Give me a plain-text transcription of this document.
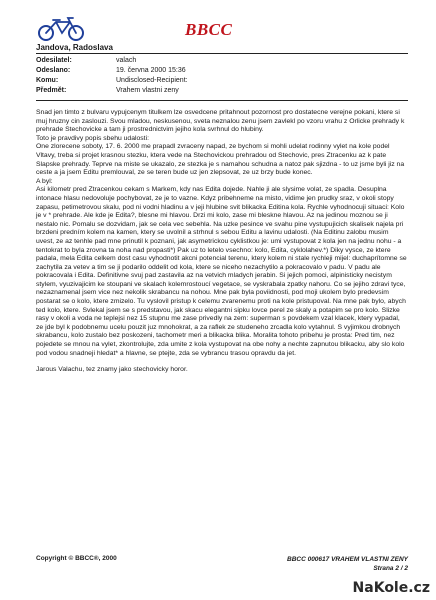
BBCC
Jandova, Radoslava
Odesilatel:	valach
Odeslano:	19. června 2000 15:36
Komu:	Undisclosed-Recipient:
Předmět:	Vrahem vlastni zeny

Snad jen timto z bulvaru vypujcenym titulkem lze osvedcene pritahnout pozornost pro dostatecne verejne pokani, ktere si muj hruzny cin zaslouzi. Svou mladou, neskusenou, sveta neznalou zenu jsem zavlekl po vzoru vrahu z Orlicke prehrady k prehrade Stechovicke a tam ji prostrednictvim jejiho kola svrhnul do hlubiny.

Toto je pravdivy popis sbehu udalosti:

One zlorecene soboty, 17. 6. 2000 me prapadl zvraceny napad, ze bychom si mohli udelat rodinny vylet na kole podel Vltavy, treba si projet krasnou stezku, ktera vede na Stechovickou prehradou od Stechovic, pres Ztracenku az k pate Slapske prehrady. Teprve na miste se ukazalo, ze stezka je s namahou schudna a natoz pak sjizdna - to uz jsme byli jiz na ceste a ja jsem Editu premlouval, ze se teren bude uz jen zlepsovat, ze uz brzy bude konec.

A byl:

Asi kilometr pred Ztracenkou cekam s Markem, kdy nas Edita dojede. Nahle ji ale slysime volat, ze spadla. Desuplna intonace hlasu nedovoluje pochybovat, ze je to vazne. Kdyz pribehneme na misto, vidime jen prudky sraz, v okoli stopy zapasu, petimetrovou skalu, pod ni vodni hladinu a v jeji hlubine svit blikacka Editina kola. Rychle vyhodnocuji situaci: Kolo je v * prehrade. Ale kde je Edita?, blesne mi hlavou. Drzi mi kolo, zase mi blesknе hlavou. Az na jedinou moznou se ji nestalo nic. Pomalu se dozvidam, jak se cela vec sebehla. Na uzke pesince ve svahu pine vystupujicich skalisek najela pri brzdeni predním kolem na kamen, ktery se uvolnil a strhnul s sebou Editu a lavinu udalosti. (Na Editinu zalobu musim uvest, ze az tenhle pad mne prinutil k poznani, jak asymetrickou cyklistkou je: umi vystupovat z kola jen na jednu nohu - a tentokrat to byla zrovna ta noha nad propasti*) Pak uz to letelo vsechno: kolo, Edita, cyklolahev.*) Diky vysce, ze ktere padala, mela Edita celkem dost casu vyhodnotit akcni potencial terenu, ktery kolem ni stale rychleji mijel: duchaprítomne se zachytila za vetev a tim se ji podarilo oddelit od kola, ktere se niceho nezachytilo a pokracovalo v padu. V padu ale pokracovala i Edita. Definitivne svuj pad zastavila az na vetvich mladych jerabin. Si jejich pomoci, alpinisticky necistym stylem, vyuzivajicim ke stoupani ve skalach kolemrostoucí vegetace, se vyskrabala zpatky nahoru. Co se jejiho zdravi tyce, nezaznamenal jsem vice nez nekolik skrabancu na nohou. Mne pak byla poviidnosti, pod moji ukolem bylo predevsim postarat se o kolo, ktere zmizelo. Tu vyslovil pristup k celemu zvarenemu proti na kole pristupoval. Na mne pak bylo, abych ted kolo, ktere. Svlekal jsem se s predstavou, jak skacu elegantni sipku lovce perel ze skaly a potapim se pro kolo. Slizke rasy v okoli a voda ne teplejsi nez 15 stupnu me zase privedly na zem: superman s povdekem vzal klacek, ktery vypadal, ze jde byl k podobnemu ucelu pouzit juz mnohokrat, a za raflek ze studeneho zrcadla kolo vytahnul. S vyjimkou drobnych skrabancu, kolo zustalo bez poskozeni, tachometr meri a blikacka blika. Moralita tohoto pribehu je prosta: Pred tim, nez pojedete se mnou na vylet, zkontrolujte, zda umite z kola vystupovat na obe nohy a nechte zapnutou blikacku, aby slo kolo pod vodou snadneji hledat* a hlavne, se ptejte, zda se vybrancu trasou opravdu da jet.

Jarous Valachu, tez znamy jako stechovicky horor.

Copyright © BBCC®, 2000	BBCC 000617 VRAHEM VLASTNI ZENY
Strana 2 / 2
NaKole.cz
